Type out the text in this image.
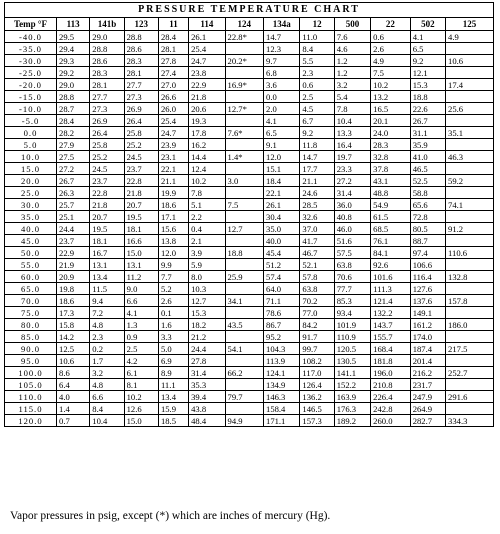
PRESSURE TEMPERATURE CHART
Temp °F	113	141b	123	11	114	124	134a	12	500	22	502	125
-40.0	29.5	29.0	28.8	28.4	26.1	22.8*	14.7	11.0	7.6	0.6	4.1	4.9
-35.0	29.4	28.8	28.6	28.1	25.4		12.3	8.4	4.6	2.6	6.5	
-30.0	29.3	28.6	28.3	27.8	24.7	20.2*	9.7	5.5	1.2	4.9	9.2	10.6
-25.0	29.2	28.3	28.1	27.4	23.8		6.8	2.3	1.2	7.5	12.1	
-20.0	29.0	28.1	27.7	27.0	22.9	16.9*	3.6	0.6	3.2	10.2	15.3	17.4
-15.0	28.8	27.7	27.3	26.6	21.8		0.0	2.5	5.4	13.2	18.8	
-10.0	28.7	27.3	26.9	26.0	20.6	12.7*	2.0	4.5	7.8	16.5	22.6	25.6
-5.0	28.4	26.9	26.4	25.4	19.3		4.1	6.7	10.4	20.1	26.7	
0.0	28.2	26.4	25.8	24.7	17.8	7.6*	6.5	9.2	13.3	24.0	31.1	35.1
5.0	27.9	25.8	25.2	23.9	16.2		9.1	11.8	16.4	28.3	35.9	
10.0	27.5	25.2	24.5	23.1	14.4	1.4*	12.0	14.7	19.7	32.8	41.0	46.3
15.0	27.2	24.5	23.7	22.1	12.4		15.1	17.7	23.3	37.8	46.5	
20.0	26.7	23.7	22.8	21.1	10.2	3.0	18.4	21.1	27.2	43.1	52.5	59.2
25.0	26.3	22.8	21.8	19.9	7.8		22.1	24.6	31.4	48.8	58.8	
30.0	25.7	21.8	20.7	18.6	5.1	7.5	26.1	28.5	36.0	54.9	65.6	74.1
35.0	25.1	20.7	19.5	17.1	2.2		30.4	32.6	40.8	61.5	72.8	
40.0	24.4	19.5	18.1	15.6	0.4	12.7	35.0	37.0	46.0	68.5	80.5	91.2
45.0	23.7	18.1	16.6	13.8	2.1		40.0	41.7	51.6	76.1	88.7	
50.0	22.9	16.7	15.0	12.0	3.9	18.8	45.4	46.7	57.5	84.1	97.4	110.6
55.0	21.9	13.1	13.1	9.9	5.9		51.2	52.1	63.8	92.6	106.6	
60.0	20.9	13.4	11.2	7.7	8.0	25.9	57.4	57.8	70.6	101.6	116.4	132.8
65.0	19.8	11.5	9.0	5.2	10.3		64.0	63.8	77.7	111.3	127.6	
70.0	18.6	9.4	6.6	2.6	12.7	34.1	71.1	70.2	85.3	121.4	137.6	157.8
75.0	17.3	7.2	4.1	0.1	15.3		78.6	77.0	93.4	132.2	149.1	
80.0	15.8	4.8	1.3	1.6	18.2	43.5	86.7	84.2	101.9	143.7	161.2	186.0
85.0	14.2	2.3	0.9	3.3	21.2		95.2	91.7	110.9	155.7	174.0	
90.0	12.5	0.2	2.5	5.0	24.4	54.1	104.3	99.7	120.5	168.4	187.4	217.5
95.0	10.6	1.7	4.2	6.9	27.8		113.9	108.2	130.5	181.8	201.4	
100.0	8.6	3.2	6.1	8.9	31.4	66.2	124.1	117.0	141.1	196.0	216.2	252.7
105.0	6.4	4.8	8.1	11.1	35.3		134.9	126.4	152.2	210.8	231.7	
110.0	4.0	6.6	10.2	13.4	39.4	79.7	146.3	136.2	163.9	226.4	247.9	291.6
115.0	1.4	8.4	12.6	15.9	43.8		158.4	146.5	176.3	242.8	264.9	
120.0	0.7	10.4	15.0	18.5	48.4	94.9	171.1	157.3	189.2	260.0	282.7	334.3
Vapor pressures in psig, except (*) which are inches of mercury (Hg).
